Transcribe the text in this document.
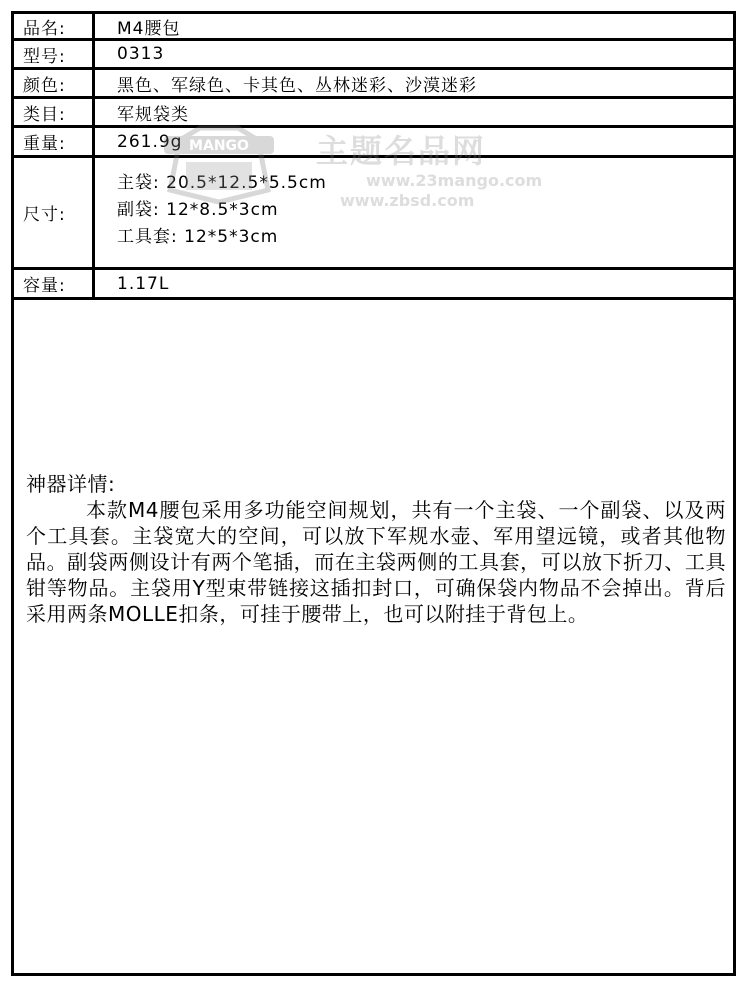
品名:	M4腰包
型号:	0313
颜色:	黑色、军绿色、卡其色、丛林迷彩、沙漠迷彩
类目:	军规袋类
重量:	261.9g
尺寸:
主袋: 20.5*12.5*5.5cm
副袋: 12*8.5*3cm
工具套: 12*5*3cm
容量:	1.17L
神器详情:
本款M4腰包采用多功能空间规划，共有一个主袋、一个副袋、以及两个工具套。主袋宽大的空间，可以放下军规水壶、军用望远镜，或者其他物品。副袋两侧设计有两个笔插，而在主袋两侧的工具套，可以放下折刀、工具钳等物品。主袋用Y型束带链接这插扣封口，可确保袋内物品不会掉出。背后采用两条MOLLE扣条，可挂于腰带上，也可以附挂于背包上。
MANGO 主题名品网
www.23mango.com
www.zbsd.com
